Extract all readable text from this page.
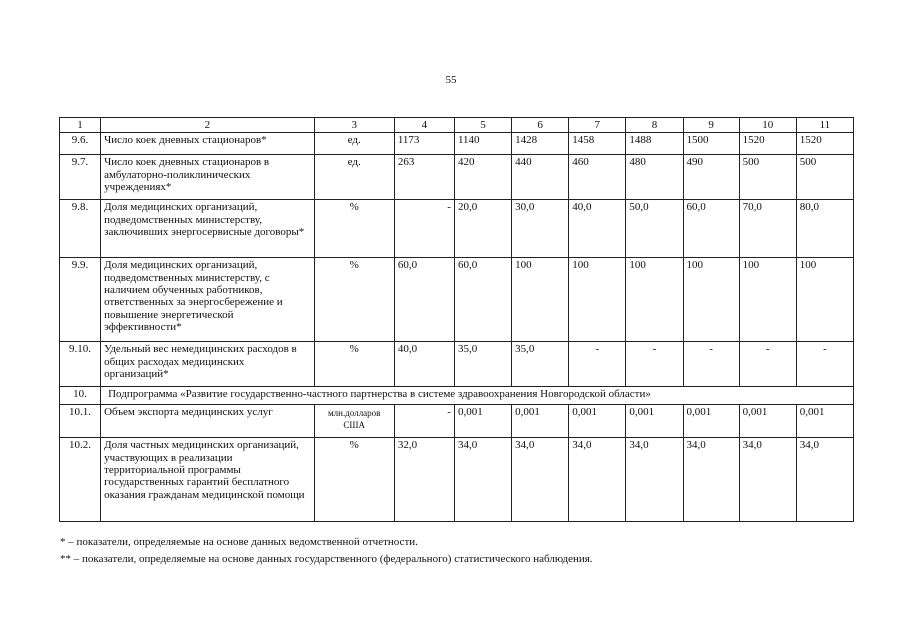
55
1	2	3	4	5	6	7	8	9	10	11
9.6.	Число коек дневных стационаров*	ед.	1173	1140	1428	1458	1488	1500	1520	1520
9.7.	Число коек дневных стационаров в амбулаторно-поликлинических учреждениях*	ед.	263	420	440	460	480	490	500	500
9.8.	Доля медицинских организаций, подведомственных министерству, заключивших энергосервисные договоры*	%	-	20,0	30,0	40,0	50,0	60,0	70,0	80,0
9.9.	Доля медицинских организаций, подведомственных министерству, с наличием обученных работников, ответственных за энергосбережение и повышение энергетической эффективности*	%	60,0	60,0	100	100	100	100	100	100
9.10.	Удельный вес немедицинских расходов в общих расходах медицинских организаций*	%	40,0	35,0	35,0	-	-	-	-	-
10.	Подпрограмма «Развитие государственно-частного партнерства в системе здравоохранения Новгородской области»									
10.1.	Объем экспорта медицинских услуг	млн.долларов США	-	0,001	0,001	0,001	0,001	0,001	0,001	0,001
10.2.	Доля частных медицинских организаций, участвующих в реализации территориальной программы государственных гарантий бесплатного оказания гражданам медицинской помощи	%	32,0	34,0	34,0	34,0	34,0	34,0	34,0	34,0
* – показатели, определяемые на основе данных ведомственной отчетности.
** – показатели, определяемые на основе данных государственного (федерального) статистического наблюдения.
